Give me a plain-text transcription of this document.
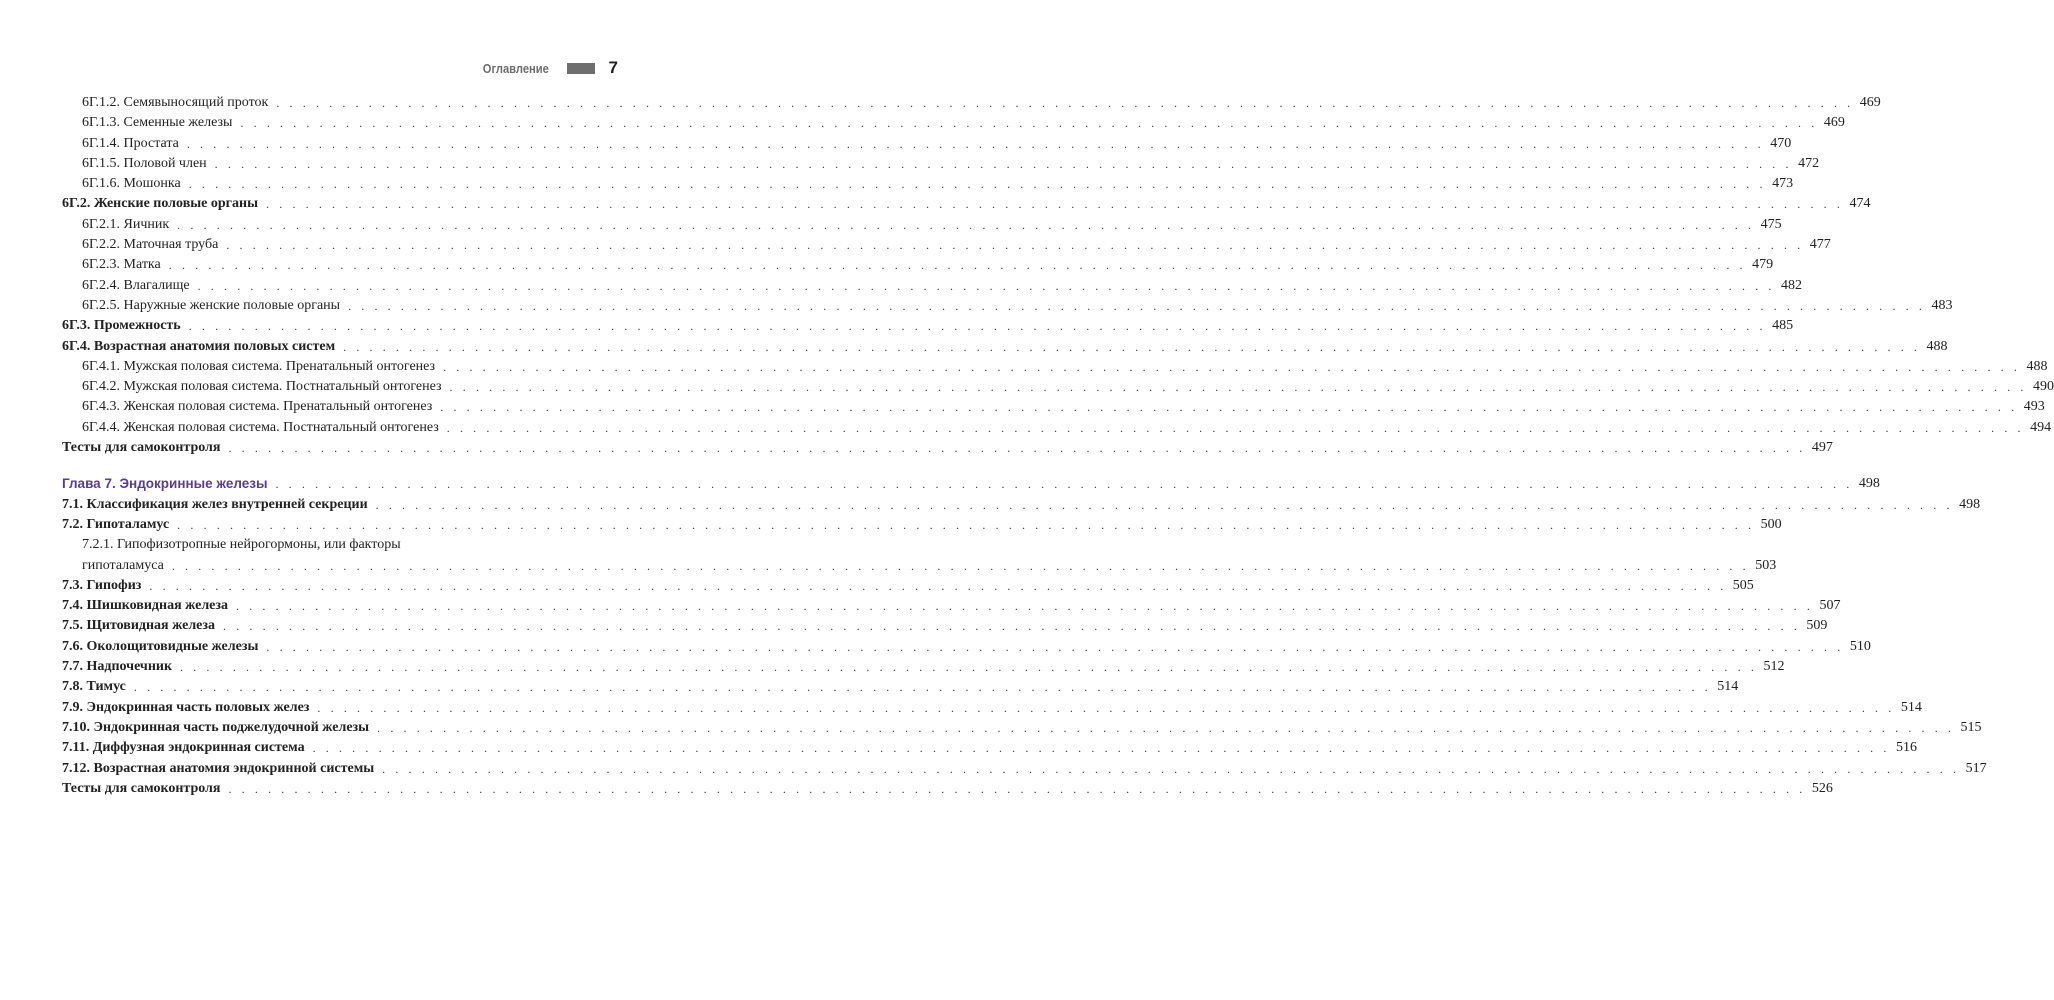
Оглавление	7
6Г.1.2. Семявыносящий проток . . . . . . . . . . . . . . . . . . . . . . . . . . . . . . . . . . . . . . . . . . . . . . . . . . . . . . . . . . . . . . . . . . . . . . . . . . . . . . . . . . . . . . . . . . . . . . . . . . . . . . . . . . . . . . . . . . . . . . . . 469
6Г.1.3. Семенные железы . . . . . . . . . . . . . . . . . . . . . . . . . . . . . . . . . . . . . . . . . . . . . . . . . . . . . . . . . . . . . . . . . . . . . . . . . . . . . . . . . . . . . . . . . . . . . . . . . . . . . . . . . . . . . . . . . . . . . . . . 469
6Г.1.4. Простата . . . . . . . . . . . . . . . . . . . . . . . . . . . . . . . . . . . . . . . . . . . . . . . . . . . . . . . . . . . . . . . . . . . . . . . . . . . . . . . . . . . . . . . . . . . . . . . . . . . . . . . . . . . . . . . . . . . . . . . . 470
6Г.1.5. Половой член . . . . . . . . . . . . . . . . . . . . . . . . . . . . . . . . . . . . . . . . . . . . . . . . . . . . . . . . . . . . . . . . . . . . . . . . . . . . . . . . . . . . . . . . . . . . . . . . . . . . . . . . . . . . . . . . . . . . . . . . 472
6Г.1.6. Мошонка . . . . . . . . . . . . . . . . . . . . . . . . . . . . . . . . . . . . . . . . . . . . . . . . . . . . . . . . . . . . . . . . . . . . . . . . . . . . . . . . . . . . . . . . . . . . . . . . . . . . . . . . . . . . . . . . . . . . . . . . 473
6Г.2. Женские половые органы . . . . . . . . . . . . . . . . . . . . . . . . . . . . . . . . . . . . . . . . . . . . . . . . . . . . . . . . . . . . . . . . . . . . . . . . . . . . . . . . . . . . . . . . . . . . . . . . . . . . . . . . . . . . . . . . . . . . . . . . 474
6Г.2.1. Яичник . . . . . . . . . . . . . . . . . . . . . . . . . . . . . . . . . . . . . . . . . . . . . . . . . . . . . . . . . . . . . . . . . . . . . . . . . . . . . . . . . . . . . . . . . . . . . . . . . . . . . . . . . . . . . . . . . . . . . . . . 475
6Г.2.2. Маточная труба . . . . . . . . . . . . . . . . . . . . . . . . . . . . . . . . . . . . . . . . . . . . . . . . . . . . . . . . . . . . . . . . . . . . . . . . . . . . . . . . . . . . . . . . . . . . . . . . . . . . . . . . . . . . . . . . . . . . . . . . 477
6Г.2.3. Матка . . . . . . . . . . . . . . . . . . . . . . . . . . . . . . . . . . . . . . . . . . . . . . . . . . . . . . . . . . . . . . . . . . . . . . . . . . . . . . . . . . . . . . . . . . . . . . . . . . . . . . . . . . . . . . . . . . . . . . . . 479
6Г.2.4. Влагалище . . . . . . . . . . . . . . . . . . . . . . . . . . . . . . . . . . . . . . . . . . . . . . . . . . . . . . . . . . . . . . . . . . . . . . . . . . . . . . . . . . . . . . . . . . . . . . . . . . . . . . . . . . . . . . . . . . . . . . . . 482
6Г.2.5. Наружные женские половые органы . . . . . . . . . . . . . . . . . . . . . . . . . . . . . . . . . . . . . . . . . . . . . . . . . . . . . . . . . . . . . . . . . . . . . . . . . . . . . . . . . . . . . . . . . . . . . . . . . . . . . . . . . . . . . . . . . . . . . . . . 483
6Г.3. Промежность . . . . . . . . . . . . . . . . . . . . . . . . . . . . . . . . . . . . . . . . . . . . . . . . . . . . . . . . . . . . . . . . . . . . . . . . . . . . . . . . . . . . . . . . . . . . . . . . . . . . . . . . . . . . . . . . . . . . . . . . 485
6Г.4. Возрастная анатомия половых систем . . . . . . . . . . . . . . . . . . . . . . . . . . . . . . . . . . . . . . . . . . . . . . . . . . . . . . . . . . . . . . . . . . . . . . . . . . . . . . . . . . . . . . . . . . . . . . . . . . . . . . . . . . . . . . . . . . . . . . . . 488
6Г.4.1. Мужская половая система. Пренатальный онтогенез . . . . . . . . . . . . . . . . . . . . . . . . . . . . . . . . . . . . . . . . . . . . . . . . . . . . . . . . . . . . . . . . . . . . . . . . . . . . . . . . . . . . . . . . . . . . . . . . . . . . . . . . . . . . . . . . . . . . . . . . 488
6Г.4.2. Мужская половая система. Постнатальный онтогенез . . . . . . . . . . . . . . . . . . . . . . . . . . . . . . . . . . . . . . . . . . . . . . . . . . . . . . . . . . . . . . . . . . . . . . . . . . . . . . . . . . . . . . . . . . . . . . . . . . . . . . . . . . . . . . . . . . . . . . . . 490
6Г.4.3. Женская половая система. Пренатальный онтогенез . . . . . . . . . . . . . . . . . . . . . . . . . . . . . . . . . . . . . . . . . . . . . . . . . . . . . . . . . . . . . . . . . . . . . . . . . . . . . . . . . . . . . . . . . . . . . . . . . . . . . . . . . . . . . . . . . . . . . . . . 493
6Г.4.4. Женская половая система. Постнатальный онтогенез . . . . . . . . . . . . . . . . . . . . . . . . . . . . . . . . . . . . . . . . . . . . . . . . . . . . . . . . . . . . . . . . . . . . . . . . . . . . . . . . . . . . . . . . . . . . . . . . . . . . . . . . . . . . . . . . . . . . . . . . 494
Тесты для самоконтроля . . . . . . . . . . . . . . . . . . . . . . . . . . . . . . . . . . . . . . . . . . . . . . . . . . . . . . . . . . . . . . . . . . . . . . . . . . . . . . . . . . . . . . . . . . . . . . . . . . . . . . . . . . . . . . . . . . . . . . . . 497
Глава 7. Эндокринные железы . . . . . . . . . . . . . . . . . . . . . . . . . . . . . . . . . . . . . . . . . . . . . . . . . . . . . . . . . . . . . . . . . . . . . . . . . . . . . . . . . . . . . . . . . . . . . . . . . . . . . . . . . . . . . . . . . . . . . . . . 498
7.1. Классификация желез внутренней секреции . . . . . . . . . . . . . . . . . . . . . . . . . . . . . . . . . . . . . . . . . . . . . . . . . . . . . . . . . . . . . . . . . . . . . . . . . . . . . . . . . . . . . . . . . . . . . . . . . . . . . . . . . . . . . . . . . . . . . . . . 498
7.2. Гипоталамус . . . . . . . . . . . . . . . . . . . . . . . . . . . . . . . . . . . . . . . . . . . . . . . . . . . . . . . . . . . . . . . . . . . . . . . . . . . . . . . . . . . . . . . . . . . . . . . . . . . . . . . . . . . . . . . . . . . . . . . . 500
7.2.1. Гипофизотропные нейрогормоны, или факторы
гипоталамуса . . . . . . . . . . . . . . . . . . . . . . . . . . . . . . . . . . . . . . . . . . . . . . . . . . . . . . . . . . . . . . . . . . . . . . . . . . . . . . . . . . . . . . . . . . . . . . . . . . . . . . . . . . . . . . . . . . . . . . . . 503
7.3. Гипофиз . . . . . . . . . . . . . . . . . . . . . . . . . . . . . . . . . . . . . . . . . . . . . . . . . . . . . . . . . . . . . . . . . . . . . . . . . . . . . . . . . . . . . . . . . . . . . . . . . . . . . . . . . . . . . . . . . . . . . . . . 505
7.4. Шишковидная железа . . . . . . . . . . . . . . . . . . . . . . . . . . . . . . . . . . . . . . . . . . . . . . . . . . . . . . . . . . . . . . . . . . . . . . . . . . . . . . . . . . . . . . . . . . . . . . . . . . . . . . . . . . . . . . . . . . . . . . . . 507
7.5. Щитовидная железа . . . . . . . . . . . . . . . . . . . . . . . . . . . . . . . . . . . . . . . . . . . . . . . . . . . . . . . . . . . . . . . . . . . . . . . . . . . . . . . . . . . . . . . . . . . . . . . . . . . . . . . . . . . . . . . . . . . . . . . . 509
7.6. Околощитовидные железы . . . . . . . . . . . . . . . . . . . . . . . . . . . . . . . . . . . . . . . . . . . . . . . . . . . . . . . . . . . . . . . . . . . . . . . . . . . . . . . . . . . . . . . . . . . . . . . . . . . . . . . . . . . . . . . . . . . . . . . . 510
7.7. Надпочечник . . . . . . . . . . . . . . . . . . . . . . . . . . . . . . . . . . . . . . . . . . . . . . . . . . . . . . . . . . . . . . . . . . . . . . . . . . . . . . . . . . . . . . . . . . . . . . . . . . . . . . . . . . . . . . . . . . . . . . . . 512
7.8. Тимус . . . . . . . . . . . . . . . . . . . . . . . . . . . . . . . . . . . . . . . . . . . . . . . . . . . . . . . . . . . . . . . . . . . . . . . . . . . . . . . . . . . . . . . . . . . . . . . . . . . . . . . . . . . . . . . . . . . . . . . . 514
7.9. Эндокринная часть половых желез . . . . . . . . . . . . . . . . . . . . . . . . . . . . . . . . . . . . . . . . . . . . . . . . . . . . . . . . . . . . . . . . . . . . . . . . . . . . . . . . . . . . . . . . . . . . . . . . . . . . . . . . . . . . . . . . . . . . . . . . 514
7.10. Эндокринная часть поджелудочной железы . . . . . . . . . . . . . . . . . . . . . . . . . . . . . . . . . . . . . . . . . . . . . . . . . . . . . . . . . . . . . . . . . . . . . . . . . . . . . . . . . . . . . . . . . . . . . . . . . . . . . . . . . . . . . . . . . . . . . . . . 515
7.11. Диффузная эндокринная система . . . . . . . . . . . . . . . . . . . . . . . . . . . . . . . . . . . . . . . . . . . . . . . . . . . . . . . . . . . . . . . . . . . . . . . . . . . . . . . . . . . . . . . . . . . . . . . . . . . . . . . . . . . . . . . . . . . . . . . . 516
7.12. Возрастная анатомия эндокринной системы . . . . . . . . . . . . . . . . . . . . . . . . . . . . . . . . . . . . . . . . . . . . . . . . . . . . . . . . . . . . . . . . . . . . . . . . . . . . . . . . . . . . . . . . . . . . . . . . . . . . . . . . . . . . . . . . . . . . . . . . 517
Тесты для самоконтроля . . . . . . . . . . . . . . . . . . . . . . . . . . . . . . . . . . . . . . . . . . . . . . . . . . . . . . . . . . . . . . . . . . . . . . . . . . . . . . . . . . . . . . . . . . . . . . . . . . . . . . . . . . . . . . . . . . . . . . . . 526
